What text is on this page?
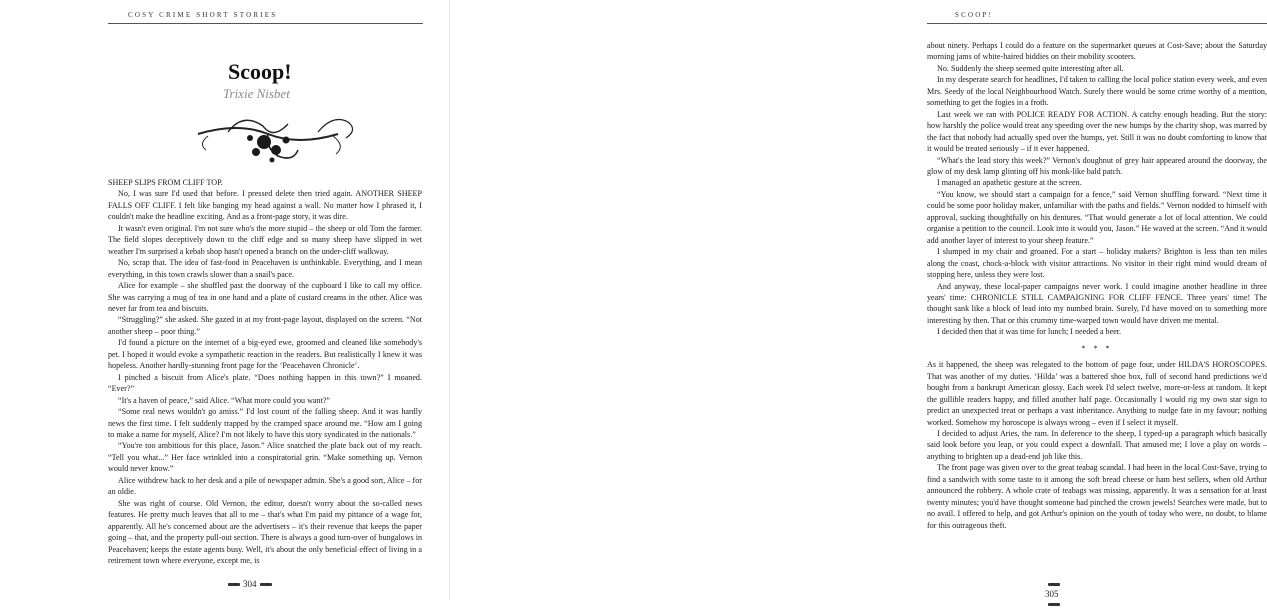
COSY CRIME SHORT STORIES
Scoop!
Trixie Nisbet

SHEEP SLIPS FROM CLIFF TOP.

No, I was sure I'd used that before. I pressed delete then tried again. ANOTHER SHEEP FALLS OFF CLIFF. I felt like banging my head against a wall. No matter how I phrased it, I couldn't make the headline exciting. And as a front-page story, it was dire.

It wasn't even original. I'm not sure who's the more stupid – the sheep or old Tom the farmer. The field slopes deceptively down to the cliff edge and so many sheep have slipped in wet weather I'm surprised a kebab shop hasn't opened a branch on the under-cliff walkway.

No, scrap that. The idea of fast-food in Peacehaven is unthinkable. Everything, and I mean everything, in this town crawls slower than a snail's pace.

Alice for example – she shuffled past the doorway of the cupboard I like to call my office. She was carrying a mug of tea in one hand and a plate of custard creams in the other. Alice was never far from tea and biscuits.

“Struggling?” she asked. She gazed in at my front-page layout, displayed on the screen. “Not another sheep – poor thing.”

I'd found a picture on the internet of a big-eyed ewe, groomed and cleaned like somebody's pet. I hoped it would evoke a sympathetic reaction in the readers. But realistically I knew it was hopeless. Another hardly-stunning front page for the ‘Peacehaven Chronicle’.

I pinched a biscuit from Alice's plate. “Does nothing happen in this town?” I moaned. “Ever?”

“It's a haven of peace,” said Alice. “What more could you want?”

“Some real news wouldn't go amiss.” I'd lost count of the falling sheep. And it was hardly news the first time. I felt suddenly trapped by the cramped space around me. “How am I going to make a name for myself, Alice? I'm not likely to have this story syndicated in the nationals.”

“You're too ambitious for this place, Jason.” Alice snatched the plate back out of my reach. “Tell you what...” Her face wrinkled into a conspiratorial grin. “Make something up. Vernon would never know.”

Alice withdrew back to her desk and a pile of newspaper admin. She's a good sort, Alice – for an oldie.

She was right of course. Old Vernon, the editor, doesn't worry about the so-called news features. He pretty much leaves that all to me – that's what I'm paid my pittance of a wage for, apparently. All he's concerned about are the advertisers – it's their revenue that keeps the paper going – that, and the property pull-out section. There is always a good turn-over of bungalows in Peacehaven; keeps the estate agents busy. Well, it's about the only beneficial effect of living in a retirement town where everyone, except me, is

304
SCOOP!

about ninety. Perhaps I could do a feature on the supermarket queues at Cost-Save; about the Saturday morning jams of white-haired biddies on their mobility scooters.

No. Suddenly the sheep seemed quite interesting after all.

In my desperate search for headlines, I'd taken to calling the local police station every week, and even Mrs. Seedy of the local Neighbourhood Watch. Surely there would be some crime worthy of a mention, something to get the fogies in a froth.

Last week we ran with POLICE READY FOR ACTION. A catchy enough heading. But the story: how harshly the police would treat any speeding over the new humps by the charity shop, was marred by the fact that nobody had actually sped over the humps, yet. Still it was no doubt comforting to know that it would be treated seriously – if it ever happened.

“What's the lead story this week?” Vernon's doughnut of grey hair appeared around the doorway, the glow of my desk lamp glinting off his monk-like bald patch.

I managed an apathetic gesture at the screen.

“You know, we should start a campaign for a fence,” said Vernon shuffling forward. “Next time it could be some poor holiday maker, unfamiliar with the paths and fields.” Vernon nodded to himself with approval, sucking thoughtfully on his dentures. “That would generate a lot of local attention. We could organise a petition to the council. Look into it would you, Jason.” He waved at the screen. “And it would add another layer of interest to your sheep feature.”

I slumped in my chair and groaned. For a start – holiday makers? Brighton is less than ten miles along the coast, chock-a-block with visitor attractions. No visitor in their right mind would dream of stopping here, unless they were lost.

And anyway, these local-paper campaigns never work. I could imagine another headline in three years' time: CHRONICLE STILL CAMPAIGNING FOR CLIFF FENCE. Three years' time! The thought sank like a block of lead into my numbed brain. Surely, I'd have moved on to something more interesting by then. That or this crummy time-warped town would have driven me mental.

I decided then that it was time for lunch; I needed a beer.

* * *

As it happened, the sheep was relegated to the bottom of page four, under HILDA'S HOROSCOPES. That was another of my duties. ‘Hilda’ was a battered shoe box, full of second hand predictions we'd bought from a bankrupt American glossy. Each week I'd select twelve, more-or-less at random. It kept the gullible readers happy, and filled another half page. Occasionally I would rig my own star sign to predict an unexpected treat or perhaps a vast inheritance. Anything to nudge fate in my favour; nothing worked. Somehow my horoscope is always wrong – even if I select it myself.

I decided to adjust Aries, the ram. In deference to the sheep, I typed-up a paragraph which basically said look before you leap, or you could expect a downfall. That amused me; I love a play on words – anything to brighten up a dead-end job like this.

The front page was given over to the great teabag scandal. I had been in the local Cost-Save, trying to find a sandwich with some taste to it among the soft bread cheese or ham best sellers, when old Arthur announced the robbery. A whole crate of teabags was missing, apparently. It was a sensation for at least twenty minutes; you'd have thought someone had pinched the crown jewels! Searches were made, but to no avail. I offered to help, and got Arthur's opinion on the youth of today who were, no doubt, to blame for this outrageous theft.

305
